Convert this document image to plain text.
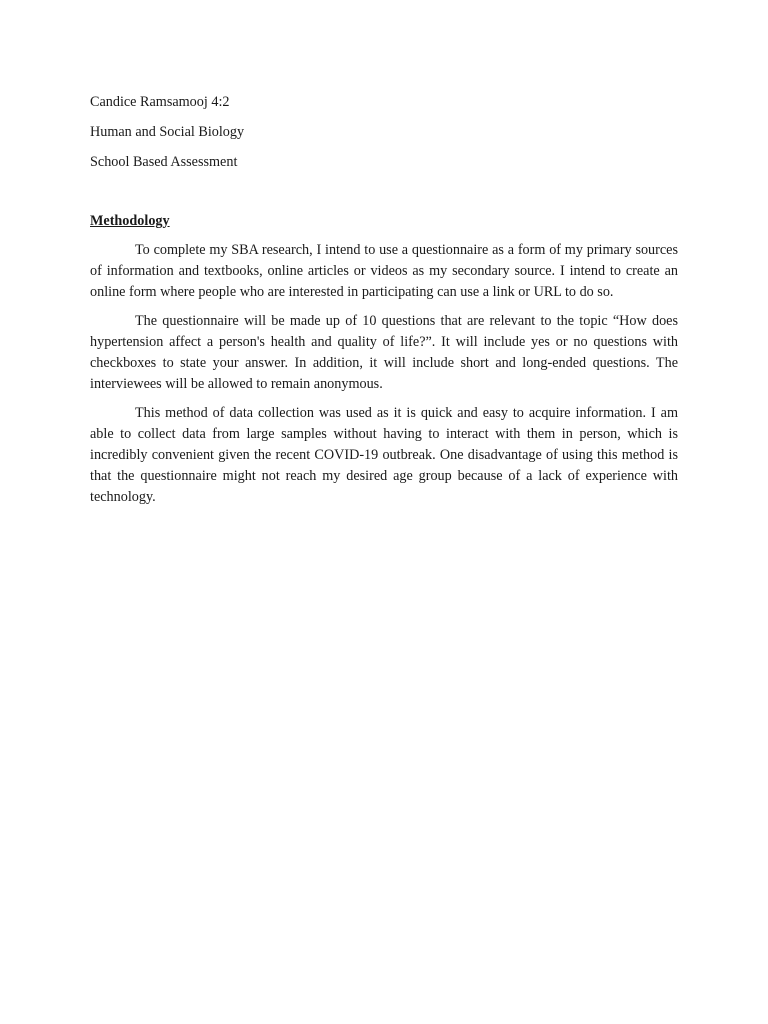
Candice Ramsamooj 4:2

Human and Social Biology

School Based Assessment

Methodology

To complete my SBA research, I intend to use a questionnaire as a form of my primary sources of information and textbooks, online articles or videos as my secondary source. I intend to create an online form where people who are interested in participating can use a link or URL to do so.

The questionnaire will be made up of 10 questions that are relevant to the topic “How does hypertension affect a person's health and quality of life?”. It will include yes or no questions with checkboxes to state your answer. In addition, it will include short and long-ended questions. The interviewees will be allowed to remain anonymous.

This method of data collection was used as it is quick and easy to acquire information. I am able to collect data from large samples without having to interact with them in person, which is incredibly convenient given the recent COVID-19 outbreak. One disadvantage of using this method is that the questionnaire might not reach my desired age group because of a lack of experience with technology.
